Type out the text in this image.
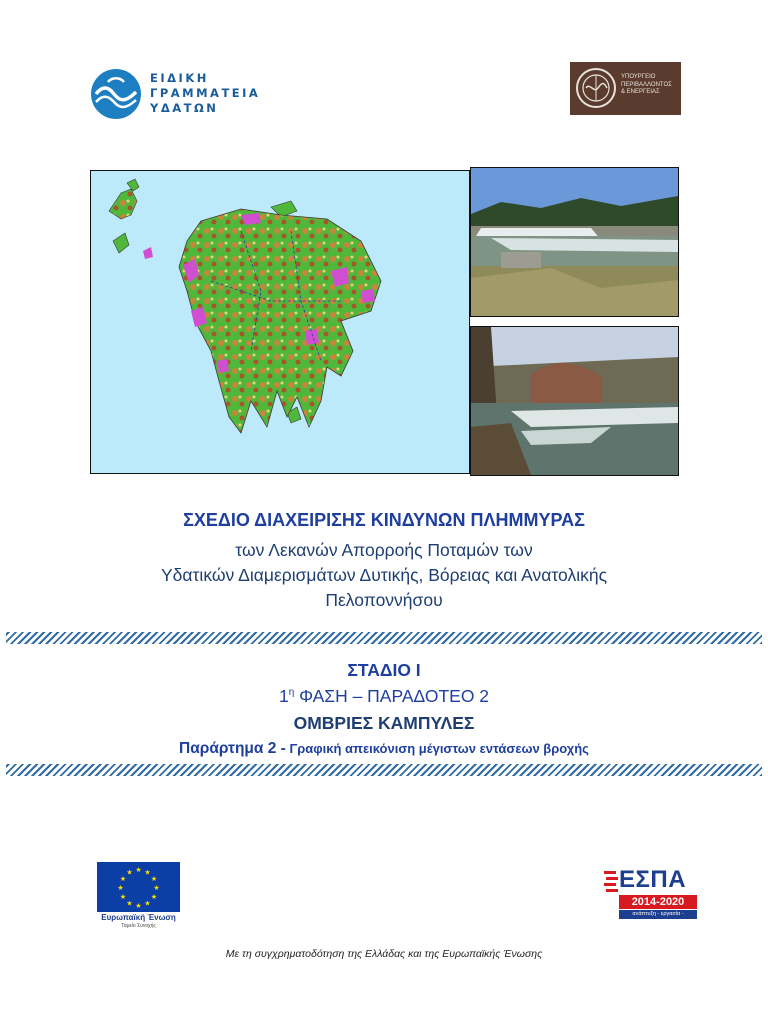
ΕΙΔΙΚΗ
ΓΡΑΜΜΑΤΕΙΑ
ΥΔΑΤΩΝ
ΥΠΟΥΡΓΕΙΟ
ΠΕΡΙΒΑΛΛΟΝΤΟΣ
& ΕΝΕΡΓΕΙΑΣ
ΣΧΕΔΙΟ ΔΙΑΧΕΙΡΙΣΗΣ ΚΙΝΔΥΝΩΝ ΠΛΗΜΜΥΡΑΣ
των Λεκανών Απορροής Ποταμών των
Υδατικών Διαμερισμάτων Δυτικής, Βόρειας και Ανατολικής
Πελοποννήσου
ΣΤΑΔΙΟ Ι
$1^\eta$ ΦΑΣΗ – ΠΑΡΑΔΟΤΕΟ 2
ΟΜΒΡΙΕΣ ΚΑΜΠΥΛΕΣ
Παράρτημα 2 - Γραφική απεικόνιση μέγιστων εντάσεων βροχής
★ ★
★
★
★
★
★
★
★
★
★
★
Ευρωπαϊκή Ένωση
Ταμείο Συνοχής
ΕΣΠΑ
2014-2020
ανάπτυξη - εργασία - αλληλεγγύη
Με τη συγχρηματοδότηση της Ελλάδας και της Ευρωπαϊκής Ένωσης
